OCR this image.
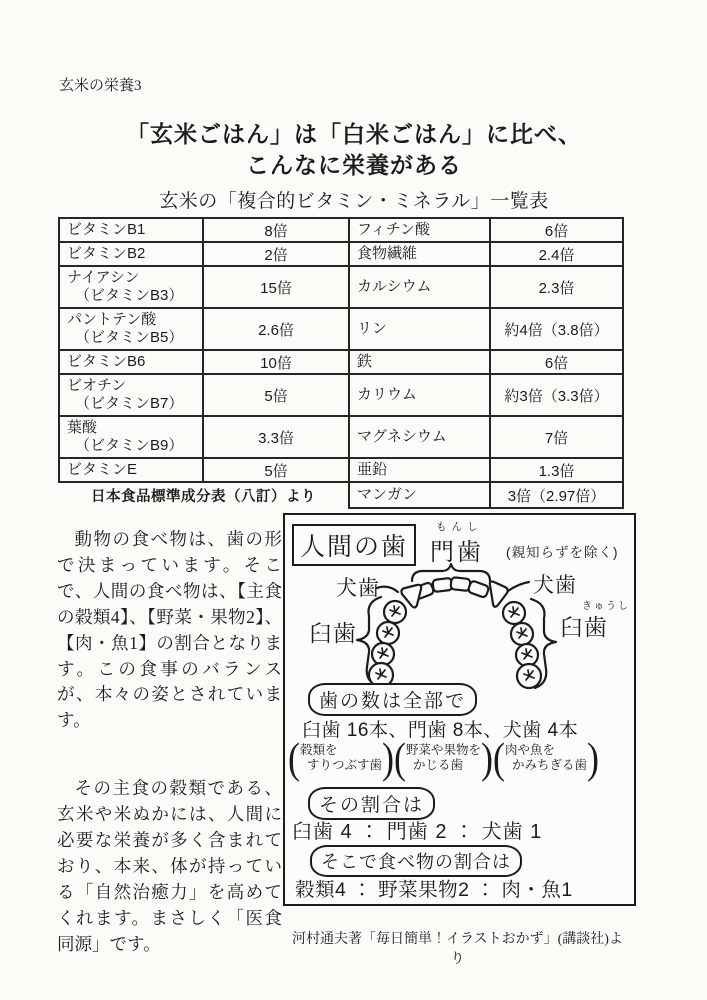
玄米の栄養3
「玄米ごはん」は「白米ごはん」に比べ、
こんなに栄養がある
玄米の「複合的ビタミン・ミネラル」一覧表
ビタミンB1	8倍	フィチン酸	6倍
ビタミンB2	2倍	食物繊維	2.4倍
ナイアシン
（ビタミンB3）	15倍	カルシウム	2.3倍
パントテン酸
（ビタミンB5）	2.6倍	リン	約4倍（3.8倍）
ビタミンB6	10倍	鉄	6倍
ビオチン
（ビタミンB7）	5倍	カリウム	約3倍（3.3倍）
葉酸
（ビタミンB9）	3.3倍	マグネシウム	7倍
ビタミンE	5倍	亜鉛	1.3倍
日本食品標準成分表（八訂）より		マンガン	3倍（2.97倍）

動物の食べ物は、歯の形で決まっています。そこで、人間の食べ物は、【主食の穀類4】、【野菜・果物2】、【肉・魚1】の割合となります。この食事のバランスが、本々の姿とされています。

その主食の穀類である、玄米や米ぬかには、人間に必要な栄養が多く含まれており、本来、体が持っている「自然治癒力」を高めてくれます。まさしく「医食同源」です。

人間の歯
もんし
門歯 (親知らずを除く)
犬歯	犬歯
臼歯
きゅうし
臼歯
歯の数は全部で
臼歯 16本、門歯 8本、犬歯 4本
( 穀類を
すりつぶす歯 ) ( 野菜や果物を
かじる歯 ) ( 肉や魚を
かみちぎる歯 )
その割合は
臼歯 4 ： 門歯 2 ： 犬歯 1
そこで食べ物の割合は
穀類4 ： 野菜果物2 ： 肉・魚1
河村通夫著「毎日簡単！イラストおかず」(講談社)より
